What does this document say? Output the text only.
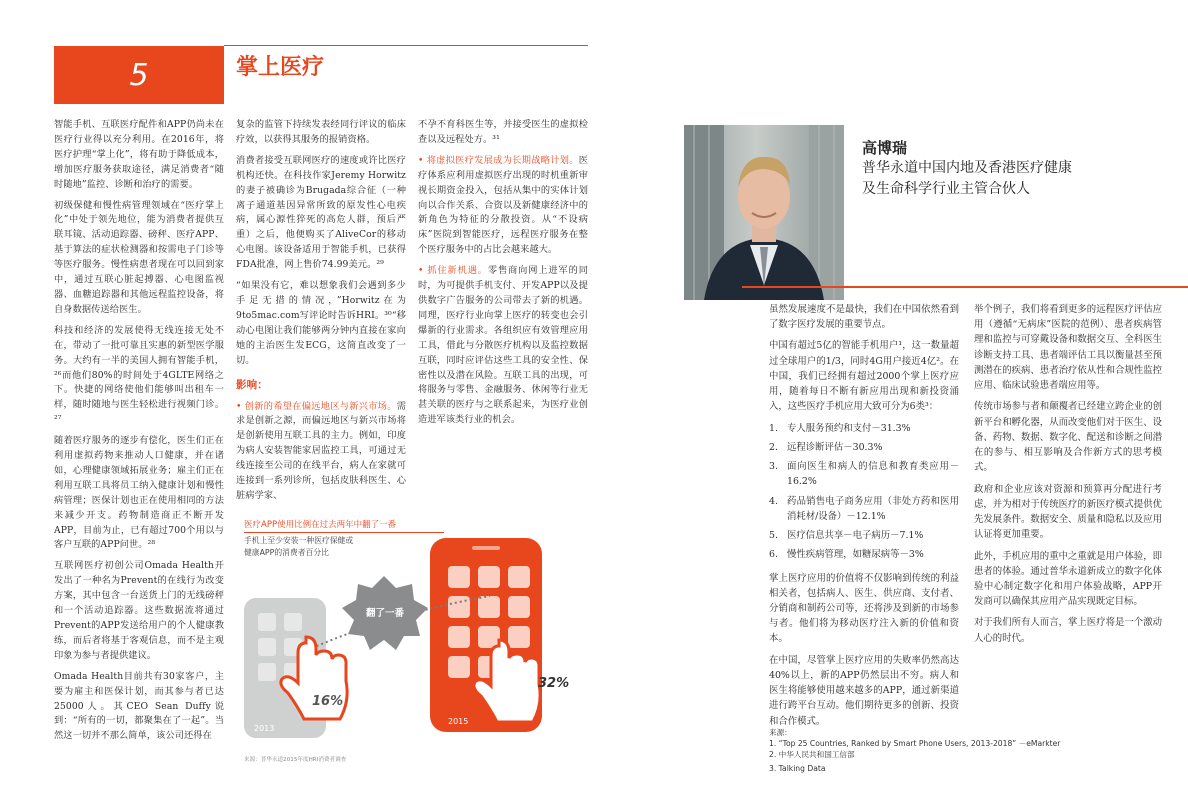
5	掌上医疗

智能手机、互联医疗配件和APP仍尚未在医疗行业得以充分利用。在2016年，将医疗护理“掌上化”，将有助于降低成本，增加医疗服务获取途径，满足消费者“随时随地”监控、诊断和治疗的需要。

初级保健和慢性病管理领域在“医疗掌上化”中处于领先地位，能为消费者提供互联耳镜、活动追踪器、磅秤、医疗APP、基于算法的症状检测器和按需电子门诊等等医疗服务。慢性病患者现在可以回到家中，通过互联心脏起搏器、心电图监视器、血糖追踪器和其他远程监控设备，将自身数据传送给医生。

科技和经济的发展使得无线连接无处不在，带动了一批可靠且实惠的新型医学服务。大约有一半的美国人拥有智能手机，²⁶而他们80%的时间处于4GLTE网络之下。快捷的网络使他们能够叫出租车一样，随时随地与医生轻松进行视频门诊。²⁷

随着医疗服务的逐步有偿化，医生们正在利用虚拟药物来推动人口健康，并在诸如，心理健康领域拓展业务；雇主们正在利用互联工具将员工纳入健康计划和慢性病管理；医保计划也正在使用相同的方法来减少开支。药物制造商正不断开发APP，目前为止，已有超过700个用以与客户互联的APP问世。²⁸

互联网医疗初创公司Omada Health开发出了一种名为Prevent的在线行为改变方案，其中包含一台送货上门的无线磅秤和一个活动追踪器。这些数据流将通过Prevent的APP发送给用户的个人健康教练，而后者将基于客观信息，而不是主观印象为参与者提供建议。

Omada Health目前共有30家客户，主要为雇主和医保计划，而其参与者已达25000人。其CEO Sean Duffy说到：“所有的一切，都聚集在了一起”。当然这一切并不那么简单，该公司还得在

复杂的监管下持续发表经同行评议的临床疗效，以获得其服务的报销资格。

消费者接受互联网医疗的速度或许比医疗机构还快。在科技作家Jeremy Horwitz的妻子被确诊为Brugada综合征（一种离子通道基因异常所致的原发性心电疾病，属心源性猝死的高危人群，预后严重）之后，他便购买了AliveCor的移动心电图。该设备适用于智能手机，已获得FDA批准，网上售价74.99美元。²⁹

“如果没有它，难以想象我们会遇到多少手足无措的情况，”Horwitz在为9to5mac.com写评论时告诉HRI。³⁰“移动心电图让我们能够两分钟内直接在家向她的主治医生发ECG，这简直改变了一切。

影响：

• 创新的希望在偏远地区与新兴市场。需求是创新之源，而偏远地区与新兴市场将是创新使用互联工具的主力。例如，印度为病人安装智能家居监控工具，可通过无线连接至公司的在线平台，病人在家就可连接到一系列诊所，包括皮肤科医生、心脏病学家、

不孕不育科医生等，并接受医生的虚拟检查以及远程处方。³¹

• 将虚拟医疗发展成为长期战略计划。医疗体系应利用虚拟医疗出现的时机重新审视长期资金投入，包括从集中的实体计划向以合作关系、合资以及新健康经济中的新角色为特征的分散投资。从“不设病床”医院到智能医疗，远程医疗服务在整个医疗服务中的占比会越来越大。

• 抓住新机遇。零售商向网上进军的同时，为可提供手机支付、开发APP以及提供数字广告服务的公司带去了新的机遇。同理，医疗行业向掌上医疗的转变也会引爆新的行业需求。各组织应有效管理应用工具，借此与分散医疗机构以及监控数据互联，同时应评估这些工具的安全性、保密性以及潜在风险。互联工具的出现，可将服务与零售、金融服务、休闲等行业无甚关联的医疗与之联系起来，为医疗业创造进军该类行业的机会。

医疗APP使用比例在过去两年中翻了一番
手机上至少安装一种医疗保健或
健康APP的消费者百分比
翻了一番
16%
32%
2013
2015
来源：普华永道2015年度HRI消费者调查
高博瑞
普华永道中国内地及香港医疗健康
及生命科学行业主管合伙人

虽然发展速度不是最快，我们在中国依然看到了数字医疗发展的重要节点。

中国有超过5亿的智能手机用户¹，这一数量超过全球用户的1/3，同时4G用户接近4亿²。在中国，我们已经拥有超过2000个掌上医疗应用，随着每日不断有新应用出现和新投资涌入，这些医疗手机应用大致可分为6类³：

1. 专人服务预约和支付－31.3%
2. 远程诊断评估－30.3%
3. 面向医生和病人的信息和教育类应用－16.2%
4. 药品销售电子商务应用（非处方药和医用消耗材/设备）－12.1%
5. 医疗信息共享－电子病历－7.1%
6. 慢性疾病管理，如糖尿病等－3%

掌上医疗应用的价值将不仅影响到传统的利益相关者，包括病人、医生、供应商、支付者、分销商和制药公司等，还将涉及到新的市场参与者。他们将为移动医疗注入新的价值和资本。

在中国，尽管掌上医疗应用的失败率仍然高达40%以上，新的APP仍然层出不穷。病人和医生将能够使用越来越多的APP，通过新渠道进行跨平台互动。他们期待更多的创新、投资和合作模式。

举个例子，我们将看到更多的远程医疗评估应用（遵循“无病床”医院的范例）、患者疾病管理和监控与可穿戴设备和数据交互、全科医生诊断支持工具、患者端评估工具以衡量甚至预测潜在的疾病、患者治疗依从性和合规性监控应用、临床试验患者端应用等。

传统市场参与者和颠覆者已经建立跨企业的创新平台和孵化器，从而改变他们对于医生、设备、药物、数据、数字化、配送和诊断之间潜在的参与、相互影响及合作新方式的思考模式。

政府和企业应该对资源和预算再分配进行考虑，并为相对于传统医疗的新医疗模式提供优先发展条件。数据安全、质量和隐私以及应用认证将更加重要。

此外，手机应用的重中之重就是用户体验，即患者的体验。通过普华永道新成立的数字化体验中心制定数字化和用户体验战略，APP开发商可以确保其应用产品实现既定目标。

对于我们所有人而言，掌上医疗将是一个激动人心的时代。

来源：
1. “Top 25 Countries, Ranked by Smart Phone Users, 2013-2018” －eMarkter
2. 中华人民共和国工信部
3. Talking Data
